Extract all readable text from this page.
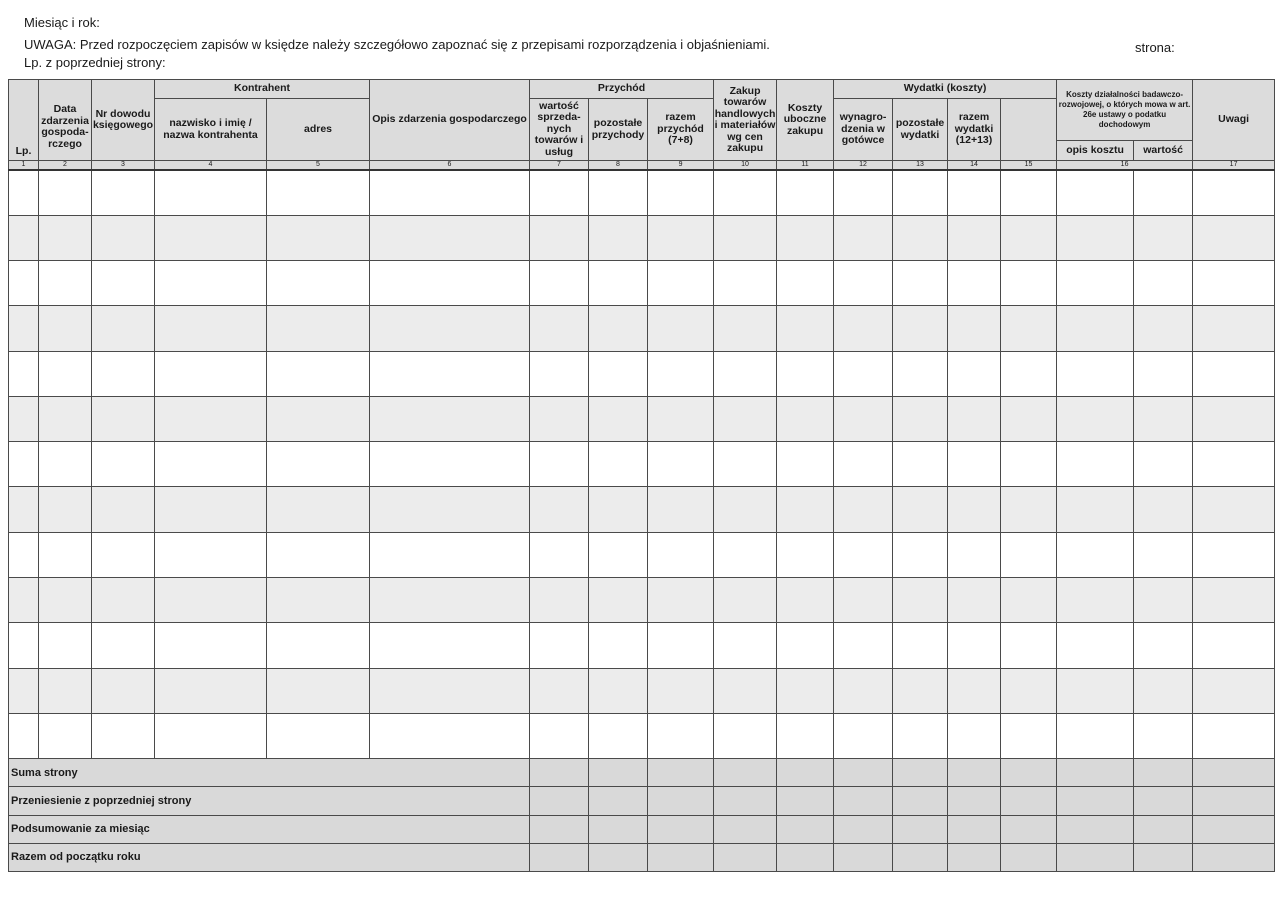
Miesiąc i rok:
UWAGA: Przed rozpoczęciem zapisów w księdze należy szczegółowo zapoznać się z przepisami rozporządzenia i objaśnieniami.
Lp. z poprzedniej strony:
strona:
Lp.	Data zdarzenia gospoda-rczego	Nr dowodu księgowego	Kontrahent		Opis zdarzenia gospodarczego	Przychód			Zakup towarów handlowych i materiałów wg cen zakupu	Koszty uboczne zakupu	Wydatki (koszty)				Koszty działalności badawczo-rozwojowej, o których mowa w art. 26e ustawy o podatku dochodowym		Uwagi
			nazwisko i imię / nazwa kontrahenta	adres		wartość sprzeda-nych towarów i usług	pozostałe przychody	razem przychód (7+8)			wynagro-dzenia w gotówce	pozostałe wydatki	razem wydatki (12+13)				
															opis kosztu	wartość	
1	2	3	4	5	6	7	8	9	10	11	12	13	14	15	16		17

Suma strony																	
Przeniesienie z poprzedniej strony																	
Podsumowanie za miesiąc																	
Razem od początku roku																	
